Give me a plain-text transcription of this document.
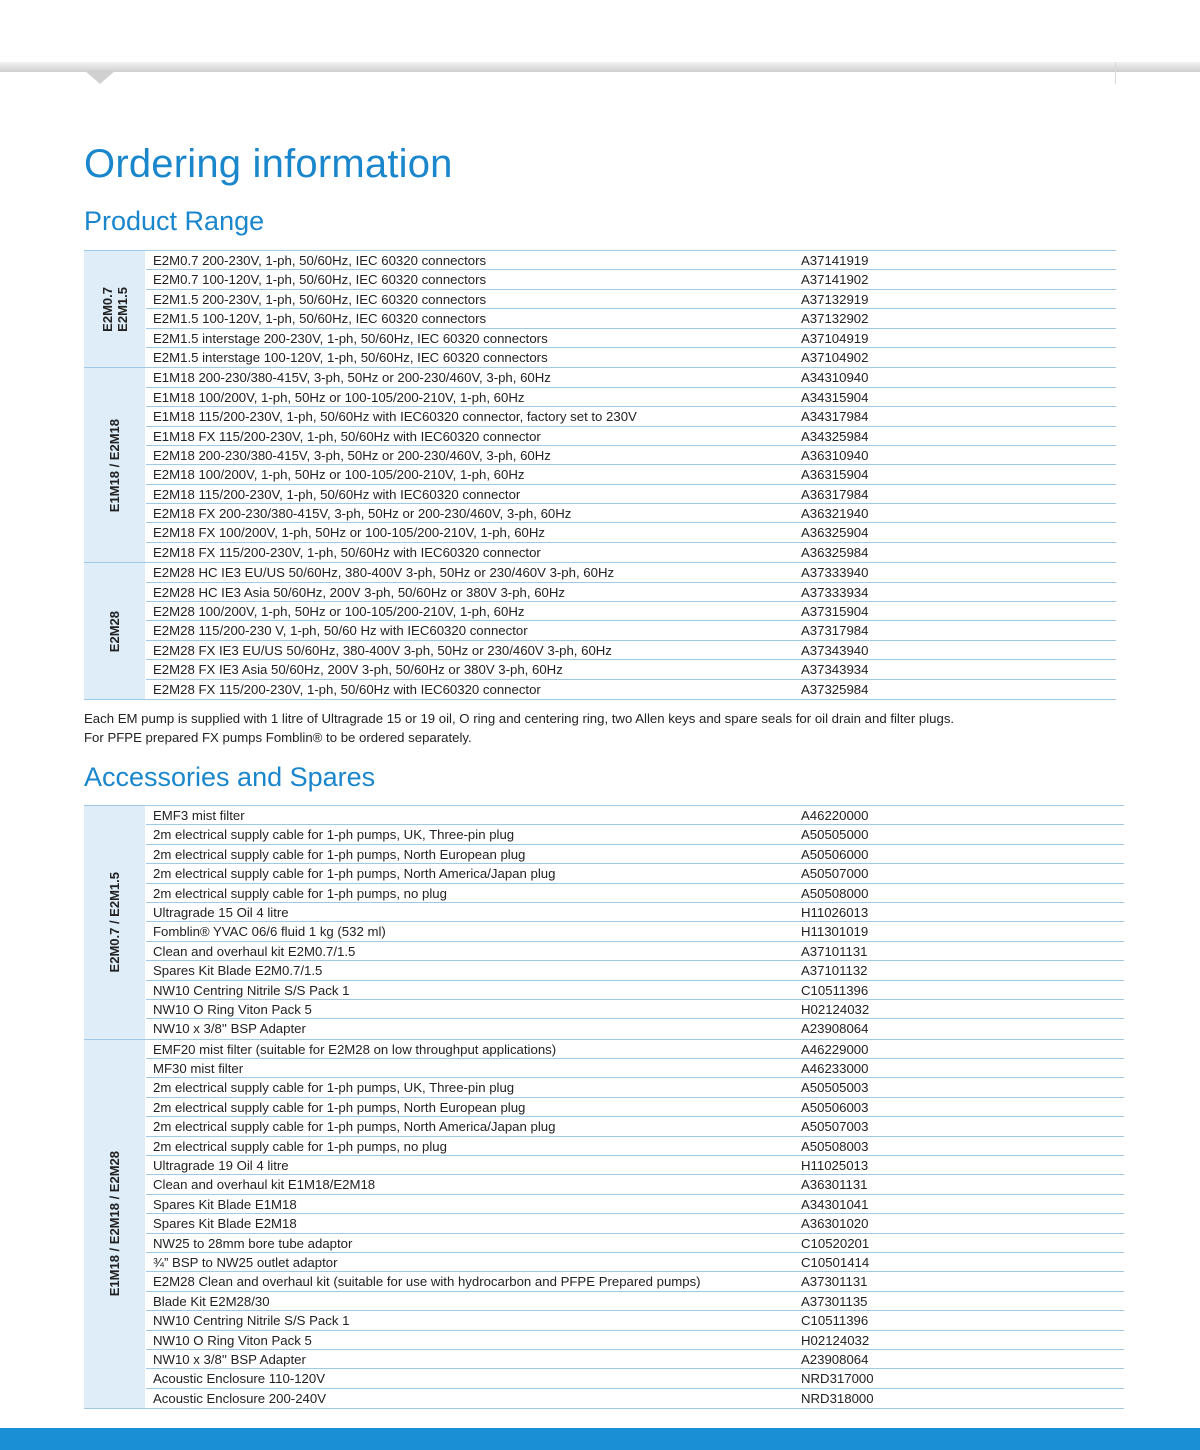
Ordering information
Product Range
E2M0.7
E2M1.5
E2M0.7 200-230V, 1-ph, 50/60Hz, IEC 60320 connectors	A37141919
E2M0.7 100-120V, 1-ph, 50/60Hz, IEC 60320 connectors	A37141902
E2M1.5 200-230V, 1-ph, 50/60Hz, IEC 60320 connectors	A37132919
E2M1.5 100-120V, 1-ph, 50/60Hz, IEC 60320 connectors	A37132902
E2M1.5 interstage 200-230V, 1-ph, 50/60Hz, IEC 60320 connectors	A37104919
E2M1.5 interstage 100-120V, 1-ph, 50/60Hz, IEC 60320 connectors	A37104902
E1M18 / E2M18
E1M18 200-230/380-415V, 3-ph, 50Hz or 200-230/460V, 3-ph, 60Hz	A34310940
E1M18 100/200V, 1-ph, 50Hz or 100-105/200-210V, 1-ph, 60Hz	A34315904
E1M18 115/200-230V, 1-ph, 50/60Hz with IEC60320 connector, factory set to 230V	A34317984
E1M18 FX 115/200-230V, 1-ph, 50/60Hz with IEC60320 connector	A34325984
E2M18 200-230/380-415V, 3-ph, 50Hz or 200-230/460V, 3-ph, 60Hz	A36310940
E2M18 100/200V, 1-ph, 50Hz or 100-105/200-210V, 1-ph, 60Hz	A36315904
E2M18 115/200-230V, 1-ph, 50/60Hz with IEC60320 connector	A36317984
E2M18 FX 200-230/380-415V, 3-ph, 50Hz or 200-230/460V, 3-ph, 60Hz	A36321940
E2M18 FX 100/200V, 1-ph, 50Hz or 100-105/200-210V, 1-ph, 60Hz	A36325904
E2M18 FX 115/200-230V, 1-ph, 50/60Hz with IEC60320 connector	A36325984
E2M28
E2M28 HC IE3 EU/US 50/60Hz, 380-400V 3-ph, 50Hz or 230/460V 3-ph, 60Hz	A37333940
E2M28 HC IE3 Asia 50/60Hz, 200V 3-ph, 50/60Hz or 380V 3-ph, 60Hz	A37333934
E2M28 100/200V, 1-ph, 50Hz or 100-105/200-210V, 1-ph, 60Hz	A37315904
E2M28 115/200-230 V, 1-ph, 50/60 Hz with IEC60320 connector	A37317984
E2M28 FX IE3 EU/US 50/60Hz, 380-400V 3-ph, 50Hz or 230/460V 3-ph, 60Hz	A37343940
E2M28 FX IE3 Asia 50/60Hz, 200V 3-ph, 50/60Hz or 380V 3-ph, 60Hz	A37343934
E2M28 FX 115/200-230V, 1-ph, 50/60Hz with IEC60320 connector	A37325984

Each EM pump is supplied with 1 litre of Ultragrade 15 or 19 oil, O ring and centering ring, two Allen keys and spare seals for oil drain and filter plugs.
For PFPE prepared FX pumps Fomblin® to be ordered separately.

Accessories and Spares
E2M0.7 / E2M1.5
EMF3 mist filter	A46220000
2m electrical supply cable for 1-ph pumps, UK, Three-pin plug	A50505000
2m electrical supply cable for 1-ph pumps, North European plug	A50506000
2m electrical supply cable for 1-ph pumps, North America/Japan plug	A50507000
2m electrical supply cable for 1-ph pumps, no plug	A50508000
Ultragrade 15 Oil 4 litre	H11026013
Fomblin® YVAC 06/6 fluid 1 kg (532 ml)	H11301019
Clean and overhaul kit E2M0.7/1.5	A37101131
Spares Kit Blade E2M0.7/1.5	A37101132
NW10 Centring Nitrile S/S Pack 1	C10511396
NW10 O Ring Viton Pack 5	H02124032
NW10 x 3/8'' BSP Adapter	A23908064
E1M18 / E2M18 / E2M28
EMF20 mist filter (suitable for E2M28 on low throughput applications)	A46229000
MF30 mist filter	A46233000
2m electrical supply cable for 1-ph pumps, UK, Three-pin plug	A50505003
2m electrical supply cable for 1-ph pumps, North European plug	A50506003
2m electrical supply cable for 1-ph pumps, North America/Japan plug	A50507003
2m electrical supply cable for 1-ph pumps, no plug	A50508003
Ultragrade 19 Oil 4 litre	H11025013
Clean and overhaul kit E1M18/E2M18	A36301131
Spares Kit Blade E1M18	A34301041
Spares Kit Blade E2M18	A36301020
NW25 to 28mm bore tube adaptor	C10520201
¾” BSP to NW25 outlet adaptor	C10501414
E2M28 Clean and overhaul kit (suitable for use with hydrocarbon and PFPE Prepared pumps)	A37301131
Blade Kit E2M28/30	A37301135
NW10 Centring Nitrile S/S Pack 1	C10511396
NW10 O Ring Viton Pack 5	H02124032
NW10 x 3/8'' BSP Adapter	A23908064
Acoustic Enclosure 110-120V	NRD317000
Acoustic Enclosure 200-240V	NRD318000
